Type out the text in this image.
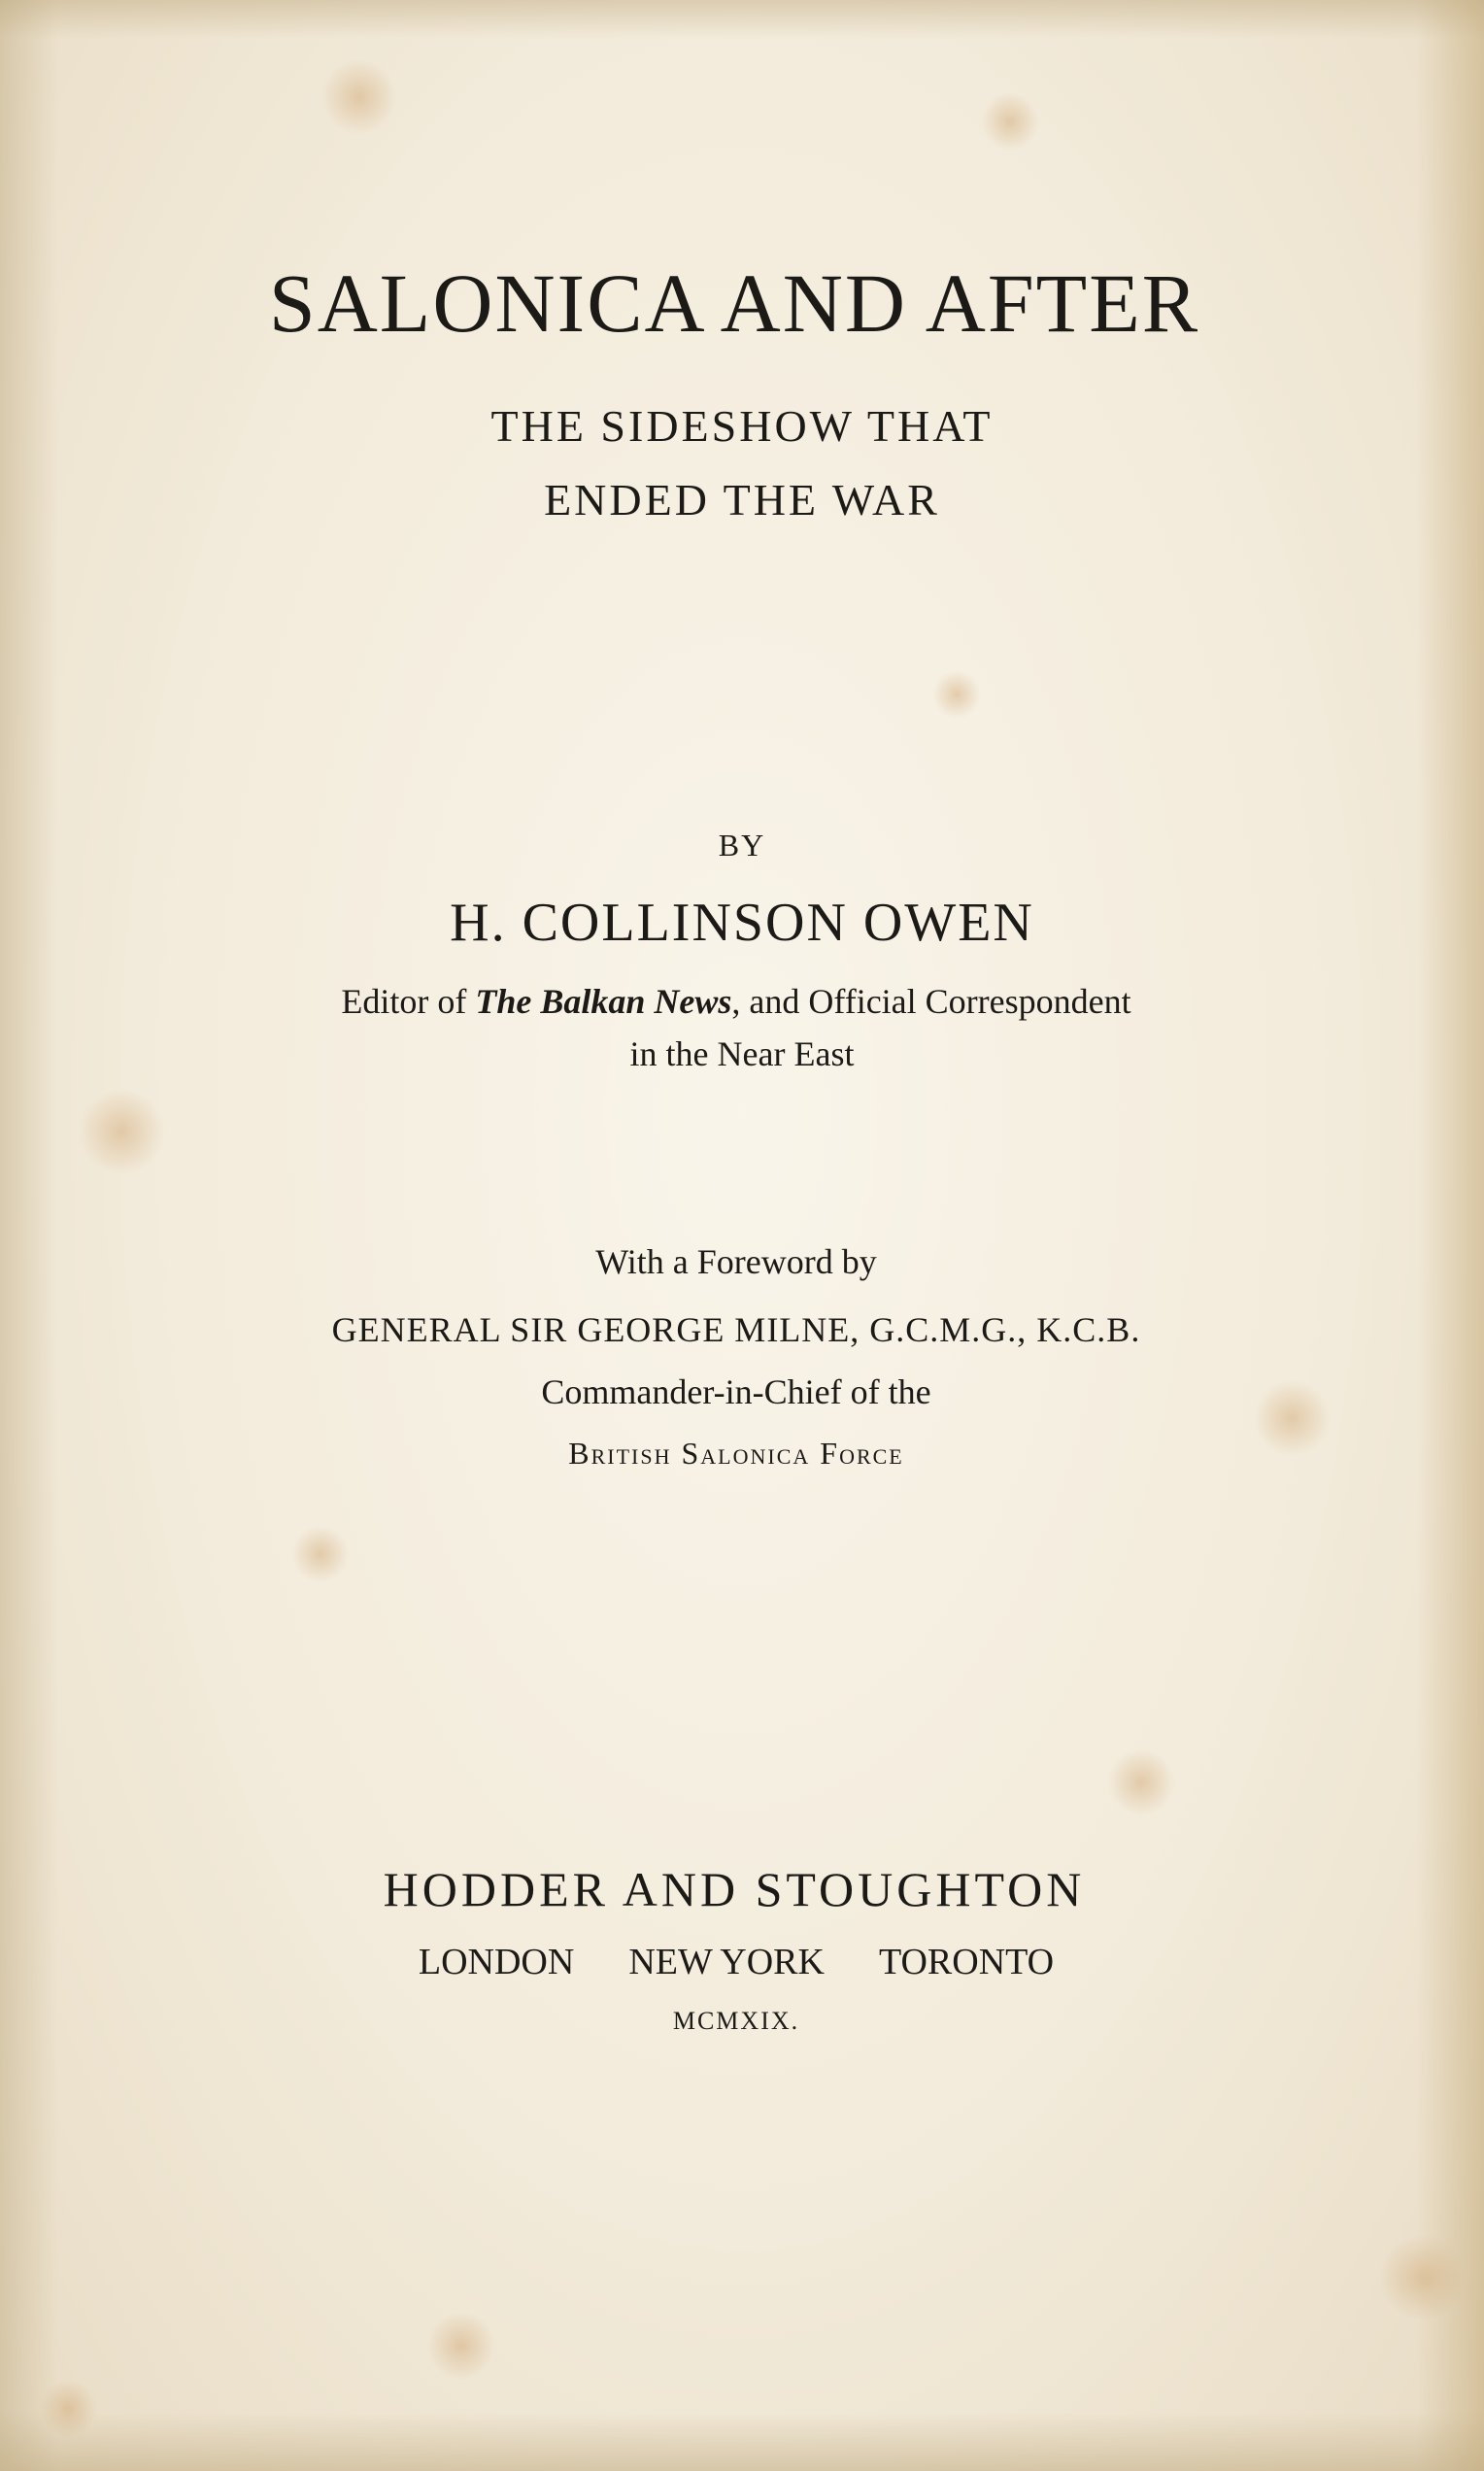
SALONICA AND AFTER
THE SIDESHOW THAT
ENDED THE WAR
BY
H. COLLINSON OWEN
Editor of The Balkan News, and Official Correspondent
in the Near East
With a Foreword by
GENERAL SIR GEORGE MILNE, G.C.M.G., K.C.B.
Commander-in-Chief of the
British Salonica Force
HODDER AND STOUGHTON
LONDON NEW YORK TORONTO
MCMXIX.
